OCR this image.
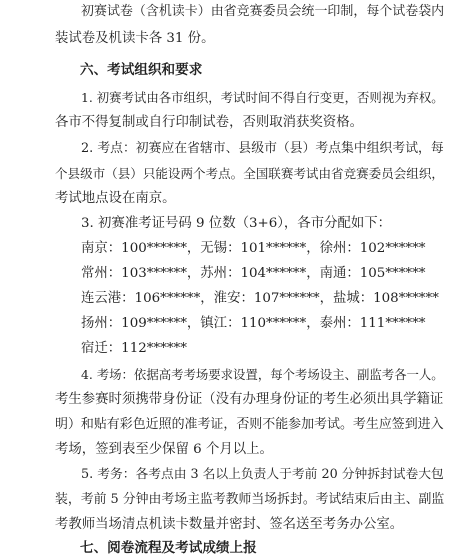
初赛试卷（含机读卡）由省竞赛委员会统一印制，每个试卷袋内
装试卷及机读卡各 31 份。
六、考试组织和要求
1. 初赛考试由各市组织，考试时间不得自行变更，否则视为弃权。
各市不得复制或自行印制试卷，否则取消获奖资格。
2. 考点：初赛应在省辖市、县级市（县）考点集中组织考试，每
个县级市（县）只能设两个考点。全国联赛考试由省竞赛委员会组织，
考试地点设在南京。
3. 初赛准考证号码 9 位数（3+6），各市分配如下：
南京：100******，无锡：101******，徐州：102******
常州：103******，苏州：104******，南通：105******
连云港：106******，淮安：107******，盐城：108******
扬州：109******，镇江：110******，泰州：111******
宿迁：112******
4. 考场：依据高考考场要求设置，每个考场设主、副监考各一人。
考生参赛时须携带身份证（没有办理身份证的考生必须出具学籍证
明）和贴有彩色近照的准考证，否则不能参加考试。考生应签到进入
考场，签到表至少保留 6 个月以上。
5. 考务：各考点由 3 名以上负责人于考前 20 分钟拆封试卷大包
装，考前 5 分钟由考场主监考教师当场拆封。考试结束后由主、副监
考教师当场清点机读卡数量并密封、签名送至考务办公室。
七、阅卷流程及考试成绩上报
